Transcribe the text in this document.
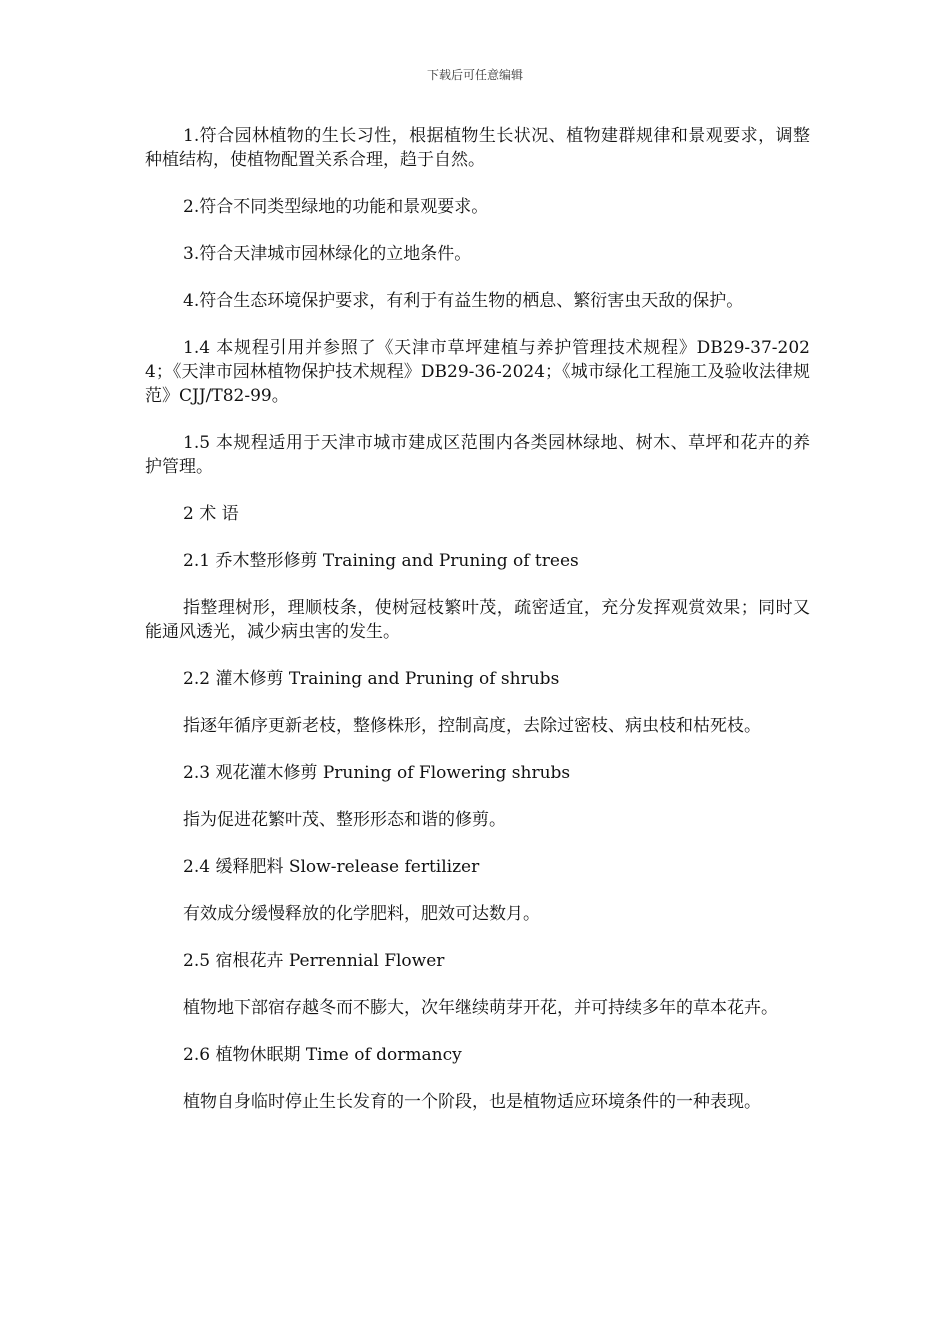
下载后可任意编辑

1.符合园林植物的生长习性，根据植物生长状况、植物建群规律和景观要求，调整种植结构，使植物配置关系合理，趋于自然。

2.符合不同类型绿地的功能和景观要求。

3.符合天津城市园林绿化的立地条件。

4.符合生态环境保护要求，有利于有益生物的栖息、繁衍害虫天敌的保护。

1.4 本规程引用并参照了《天津市草坪建植与养护管理技术规程》DB29-37-2024；《天津市园林植物保护技术规程》DB29-36-2024；《城市绿化工程施工及验收法律规范》CJJ/T82-99。

1.5 本规程适用于天津市城市建成区范围内各类园林绿地、树木、草坪和花卉的养护管理。

2 术 语

2.1 乔木整形修剪 Training and Pruning of trees

指整理树形，理顺枝条，使树冠枝繁叶茂，疏密适宜，充分发挥观赏效果；同时又能通风透光，减少病虫害的发生。

2.2 灌木修剪 Training and Pruning of shrubs

指逐年循序更新老枝，整修株形，控制高度，去除过密枝、病虫枝和枯死枝。

2.3 观花灌木修剪 Pruning of Flowering shrubs

指为促进花繁叶茂、整形形态和谐的修剪。

2.4 缓释肥料 Slow-release fertilizer

有效成分缓慢释放的化学肥料，肥效可达数月。

2.5 宿根花卉 Perrennial Flower

植物地下部宿存越冬而不膨大，次年继续萌芽开花，并可持续多年的草本花卉。

2.6 植物休眠期 Time of dormancy

植物自身临时停止生长发育的一个阶段，也是植物适应环境条件的一种表现。
